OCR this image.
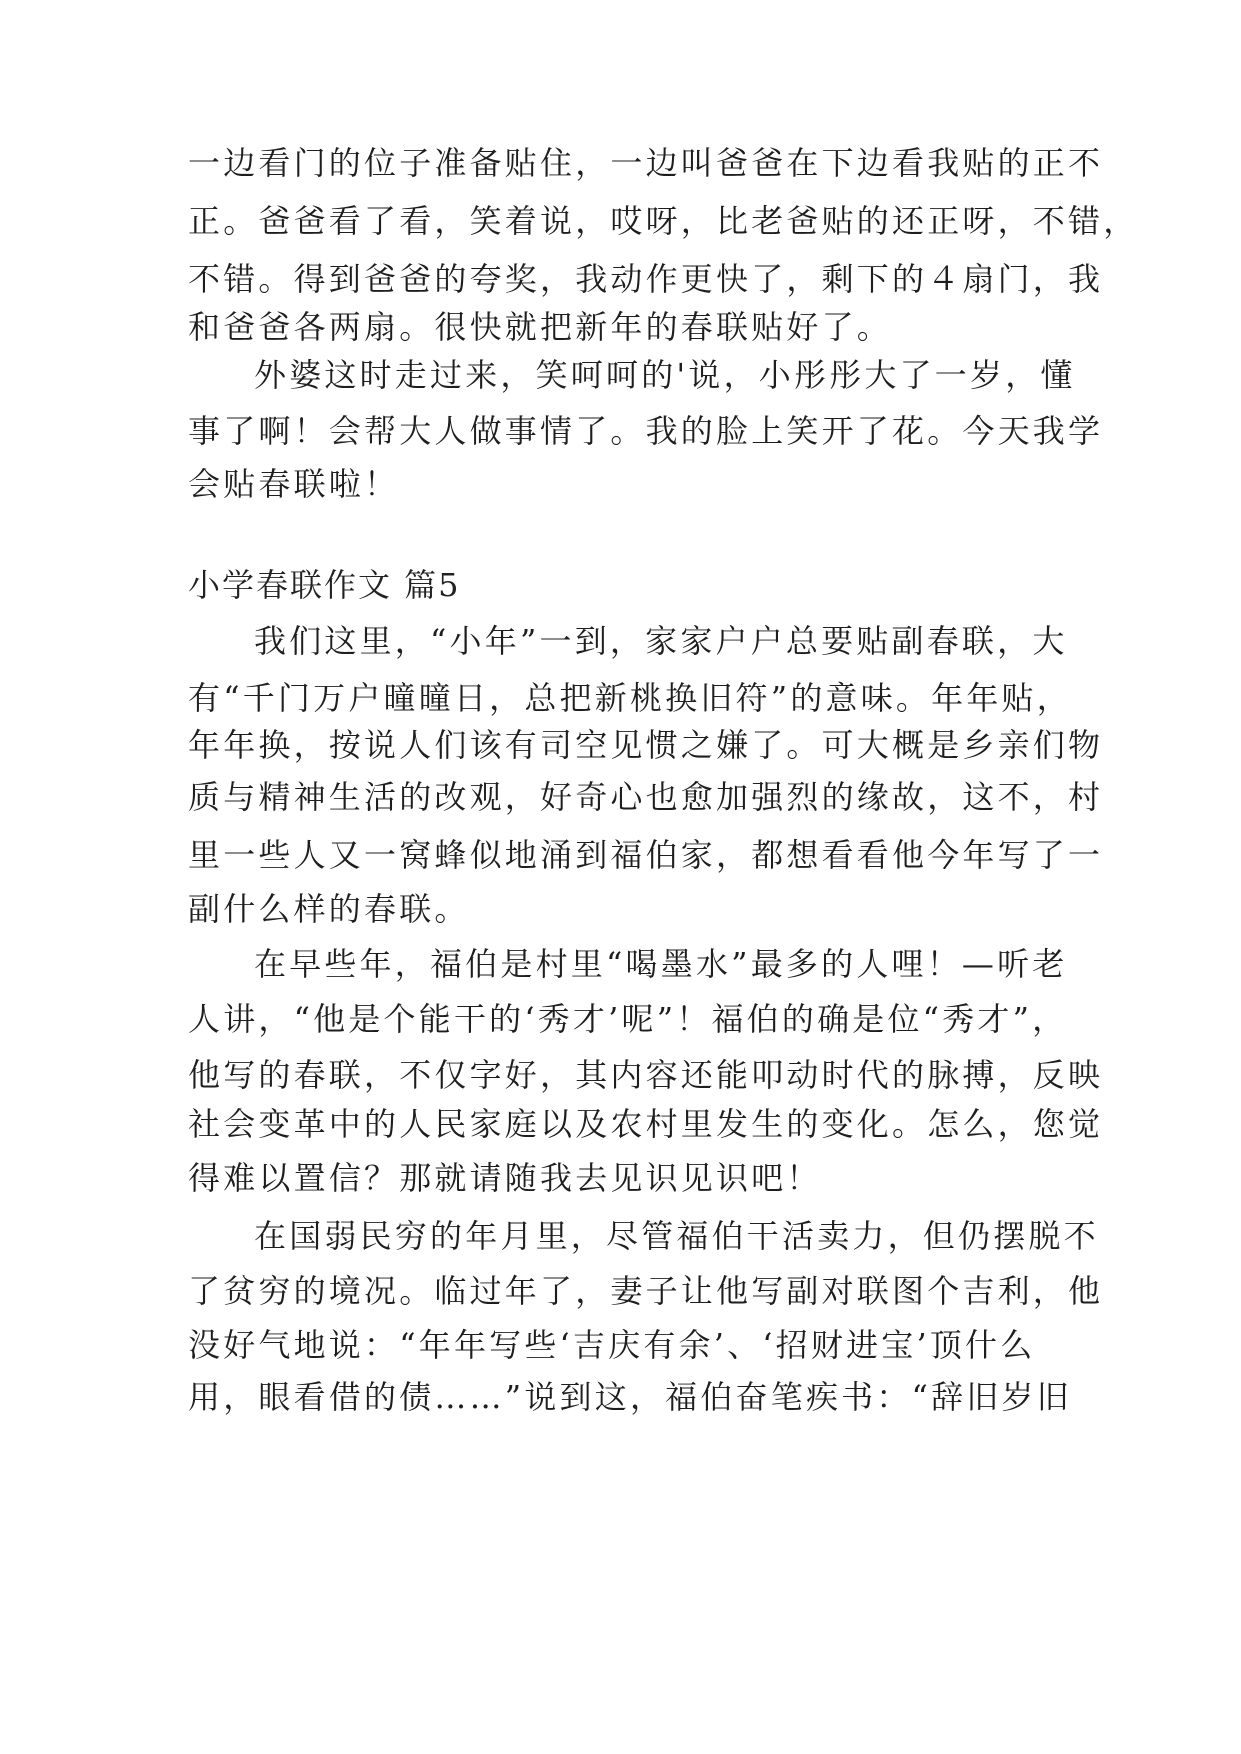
一边看门的位子准备贴住，一边叫爸爸在下边看我贴的正不
正。爸爸看了看，笑着说，哎呀，比老爸贴的还正呀，不错，
不错。得到爸爸的夸奖，我动作更快了，剩下的４扇门，我
和爸爸各两扇。很快就把新年的春联贴好了。
外婆这时走过来，笑呵呵的'说，小彤彤大了一岁，懂
事了啊！会帮大人做事情了。我的脸上笑开了花。今天我学
会贴春联啦！
小学春联作文 篇5
我们这里，“小年”一到，家家户户总要贴副春联，大
有“千门万户曈曈日，总把新桃换旧符”的意味。年年贴，
年年换，按说人们该有司空见惯之嫌了。可大概是乡亲们物
质与精神生活的改观，好奇心也愈加强烈的缘故，这不，村
里一些人又一窝蜂似地涌到福伯家，都想看看他今年写了一
副什么样的春联。
在早些年，福伯是村里“喝墨水”最多的人哩！—听老
人讲，“他是个能干的‘秀才’呢”！福伯的确是位“秀才”，
他写的春联，不仅字好，其内容还能叩动时代的脉搏，反映
社会变革中的人民家庭以及农村里发生的变化。怎么，您觉
得难以置信？那就请随我去见识见识吧！
在国弱民穷的年月里，尽管福伯干活卖力，但仍摆脱不
了贫穷的境况。临过年了，妻子让他写副对联图个吉利，他
没好气地说：“年年写些‘吉庆有余’、‘招财进宝’顶什么
用，眼看借的债……”说到这，福伯奋笔疾书：“辞旧岁旧
